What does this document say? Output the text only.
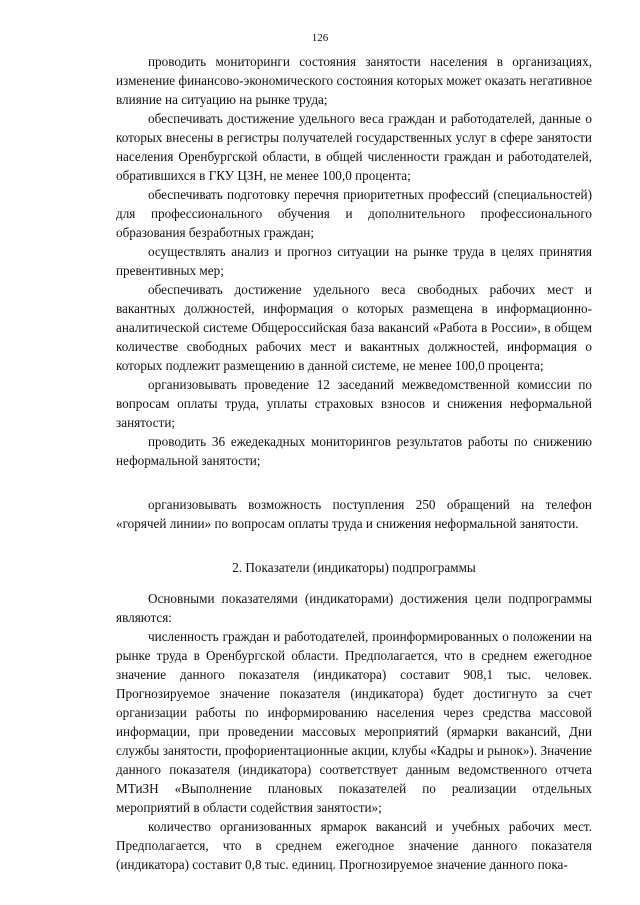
126

проводить мониторинги состояния занятости населения в организациях, изменение финансово-экономического состояния которых может оказать негативное влияние на ситуацию на рынке труда;

обеспечивать достижение удельного веса граждан и работодателей, данные о которых внесены в регистры получателей государственных услуг в сфере занятости населения Оренбургской области, в общей численности граждан и работодателей, обратившихся в ГКУ ЦЗН, не менее 100,0 процента;

обеспечивать подготовку перечня приоритетных профессий (специальностей) для профессионального обучения и дополнительного профессионального образования безработных граждан;

осуществлять анализ и прогноз ситуации на рынке труда в целях принятия превентивных мер;

обеспечивать достижение удельного веса свободных рабочих мест и вакантных должностей, информация о которых размещена в информационно-аналитической системе Общероссийская база вакансий «Работа в России», в общем количестве свободных рабочих мест и вакантных должностей, информация о которых подлежит размещению в данной системе, не менее 100,0 процента;

организовывать проведение 12 заседаний межведомственной комиссии по вопросам оплаты труда, уплаты страховых взносов и снижения неформальной занятости;

проводить 36 ежедекадных мониторингов результатов работы по снижению неформальной занятости;

организовывать возможность поступления 250 обращений на телефон «горячей линии» по вопросам оплаты труда и снижения неформальной занятости.

2. Показатели (индикаторы) подпрограммы

Основными показателями (индикаторами) достижения цели подпрограммы являются:

численность граждан и работодателей, проинформированных о положении на рынке труда в Оренбургской области. Предполагается, что в среднем ежегодное значение данного показателя (индикатора) составит 908,1 тыс. человек. Прогнозируемое значение показателя (индикатора) будет достигнуто за счет организации работы по информированию населения через средства массовой информации, при проведении массовых мероприятий (ярмарки вакансий, Дни службы занятости, профориентационные акции, клубы «Кадры и рынок»). Значение данного показателя (индикатора) соответствует данным ведомственного отчета МТиЗН «Выполнение плановых показателей по реализации отдельных мероприятий в области содействия занятости»;

количество организованных ярмарок вакансий и учебных рабочих мест. Предполагается, что в среднем ежегодное значение данного показателя (индикатора) составит 0,8 тыс. единиц. Прогнозируемое значение данного пока-
